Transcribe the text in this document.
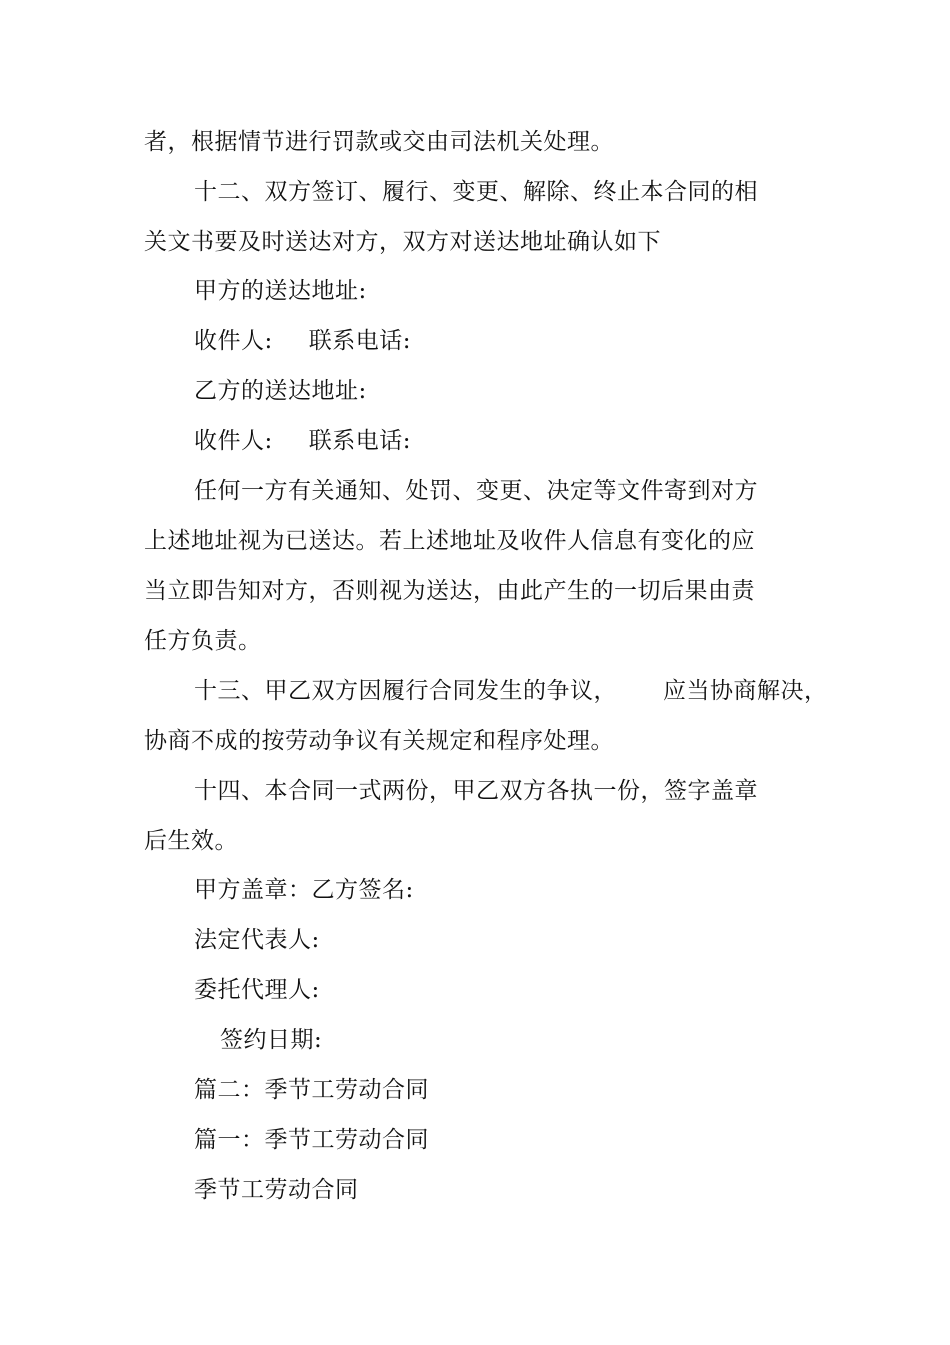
者，根据情节进行罚款或交由司法机关处理。
十二、双方签订、履行、变更、解除、终止本合同的相
关文书要及时送达对方，双方对送达地址确认如下
甲方的送达地址:
收件人: 联系电话:
乙方的送达地址:
收件人: 联系电话:
任何一方有关通知、处罚、变更、决定等文件寄到对方
上述地址视为已送达。若上述地址及收件人信息有变化的应
当立即告知对方，否则视为送达，由此产生的一切后果由责
任方负责。
十三、甲乙双方因履行合同发生的争议， 应当协商解决，
协商不成的按劳动争议有关规定和程序处理。
十四、本合同一式两份，甲乙双方各执一份，签字盖章
后生效。
甲方盖章：乙方签名:
法定代表人:
委托代理人:
签约日期:
篇二：季节工劳动合同
篇一：季节工劳动合同
季节工劳动合同
